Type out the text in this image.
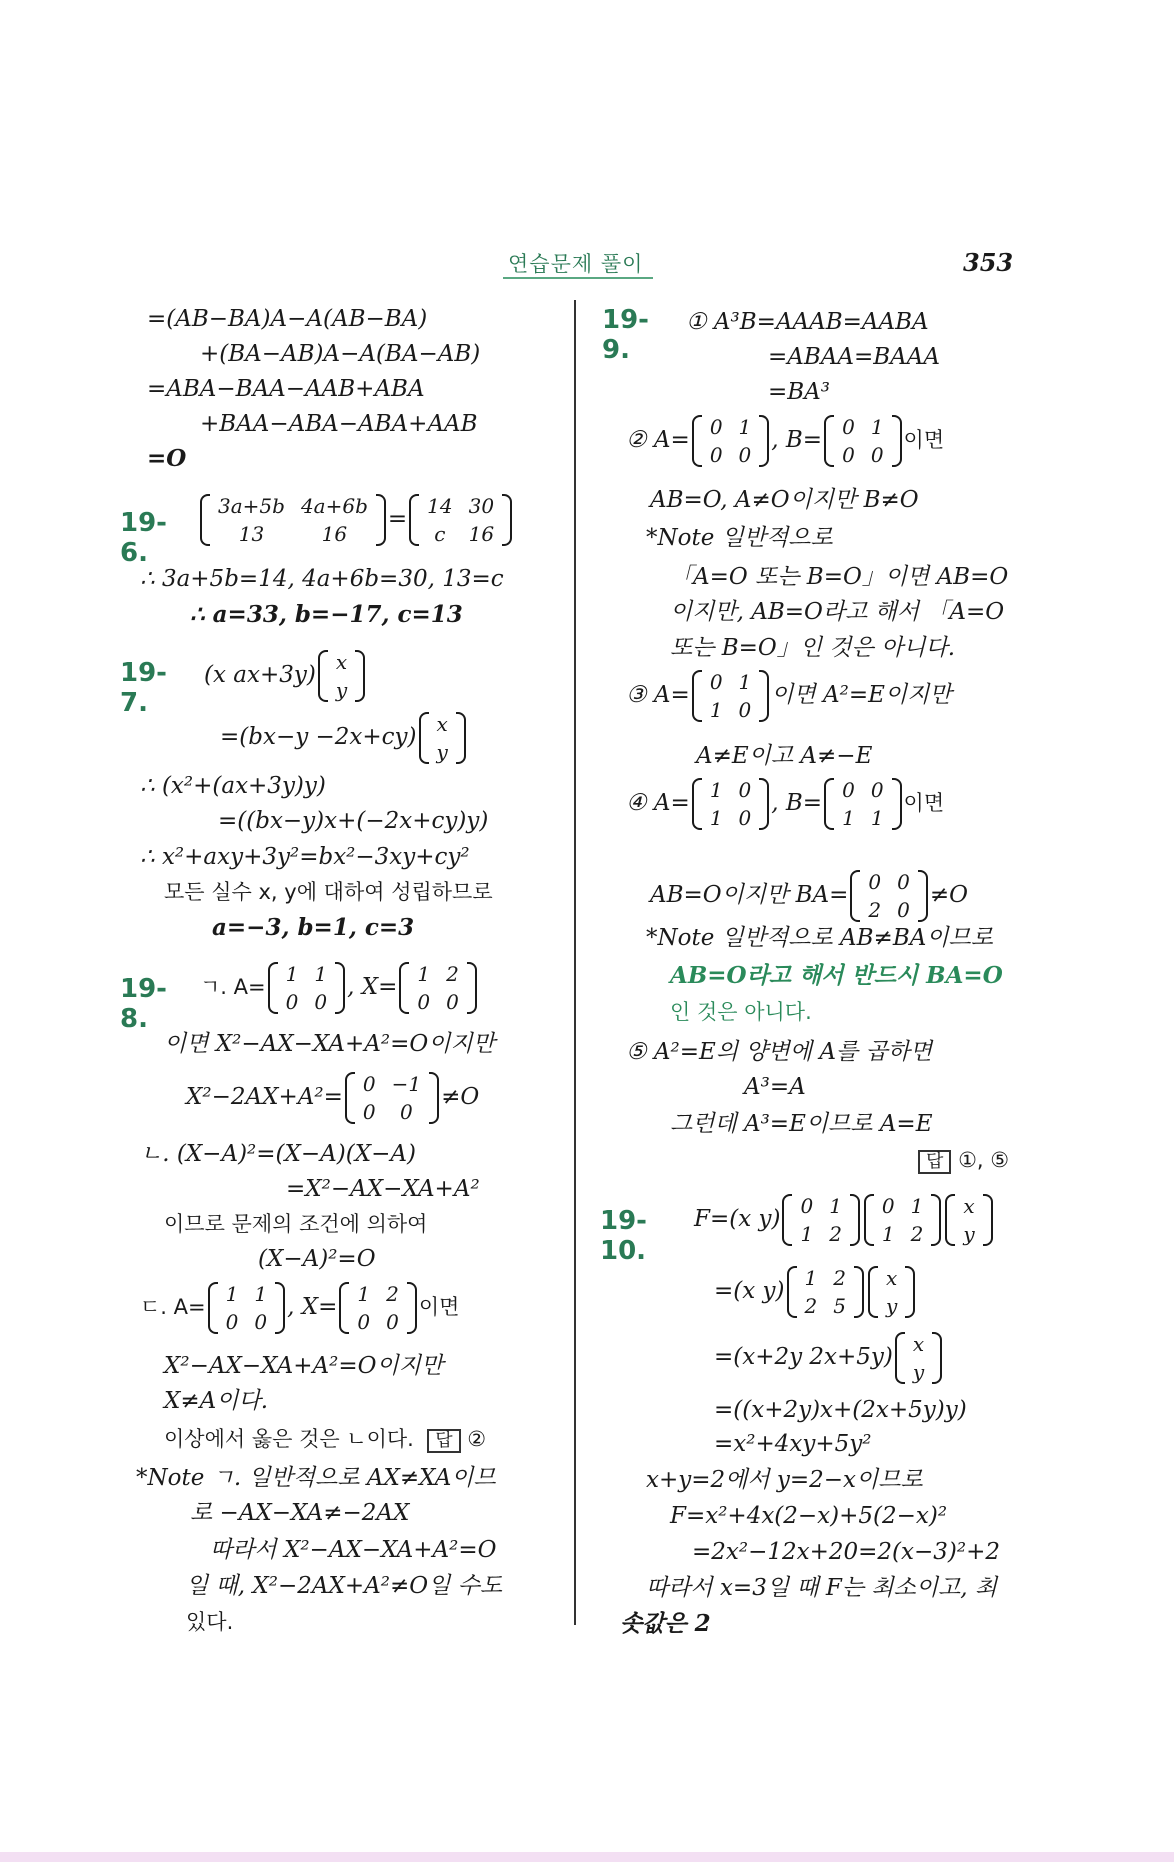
연습문제 풀이	353
=(AB−BA)A−A(AB−BA)
+(BA−AB)A−A(BA−AB)
=ABA−BAA−AAB+ABA
+BAA−ABA−ABA+AAB
=O
19-6.
3a+5b	4a+6b
13	16
= 14	30
c	16
∴ 3a+5b=14, 4a+6b=30, 13=c
∴ a=33, b=−17, c=13
19-7.
(x ax+3y) x
y
=(bx−y −2x+cy) x
y
∴ (x²+(ax+3y)y)
=((bx−y)x+(−2x+cy)y)
∴ x²+axy+3y²=bx²−3xy+cy²
모든 실수 x, y에 대하여 성립하므로
a=−3, b=1, c=3
19-8.
ㄱ. A=
1	1
0	0
, X= 1	2
0	0
이면 X²−AX−XA+A²=O이지만
X²−2AX+A²= 0	−1
0	0
≠O
ㄴ. (X−A)²=(X−A)(X−A)
=X²−AX−XA+A²
이므로 문제의 조건에 의하여
(X−A)²=O
ㄷ. A=
1	1
0	0
, X= 1	2
0	0
이면
X²−AX−XA+A²=O이지만
X≠A이다.
이상에서 옳은 것은 ㄴ이다. 답 ②
*Note ㄱ. 일반적으로 AX≠XA이므
로 −AX−XA≠−2AX
따라서 X²−AX−XA+A²=O
일 때, X²−2AX+A²≠O일 수도
있다.
19-9.
① A³B=AAAB=AABA
=ABAA=BAAA
=BA³
② A= 0	1
0	0
, B= 0	1
0	0
이면
AB=O, A≠O이지만 B≠O
*Note 일반적으로
「A=O 또는 B=O」이면 AB=O
이지만, AB=O라고 해서 「A=O
또는 B=O」인 것은 아니다.
③ A= 0	1
1	0
이면 A²=E이지만
A≠E이고 A≠−E
④ A= 1	0
1	0
, B= 0	0
1	1
이면
AB=O이지만 BA= 0	0
2	0
≠O
*Note 일반적으로 AB≠BA이므로
AB=O라고 해서 반드시 BA=O
인 것은 아니다.
⑤ A²=E의 양변에 A를 곱하면
A³=A
그런데 A³=E이므로 A=E
답 ①, ⑤
19-10.
F=(x y) 0	1
1	2
0	1
1	2
x
y
=(x y) 1	2
2	5
x
y
=(x+2y 2x+5y) x
y
=((x+2y)x+(2x+5y)y)
=x²+4xy+5y²
x+y=2에서 y=2−x이므로
F=x²+4x(2−x)+5(2−x)²
=2x²−12x+20=2(x−3)²+2
따라서 x=3일 때 F는 최소이고, 최
솟값은 2
